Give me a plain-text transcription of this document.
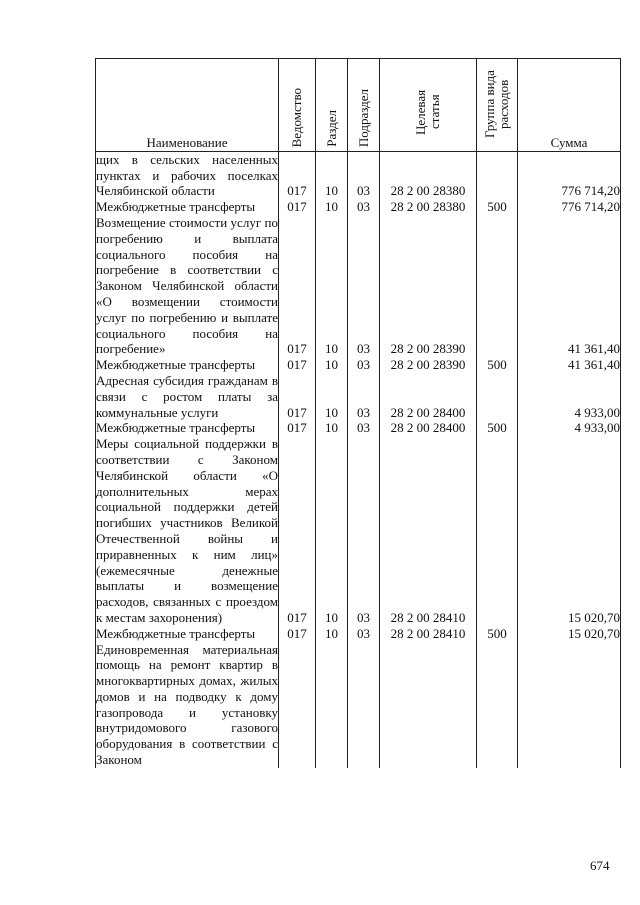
Наименование	Ведомство	Раздел	Подраздел	Целевая статья	Группа вида расходов	Сумма
щих в сельских населенных пунктах и рабочих поселках Челябинской области	017	10	03	28 2 00 28380		776 714,20
Межбюджетные трансферты	017	10	03	28 2 00 28380	500	776 714,20
Возмещение стоимости услуг по погребению и выплата социального пособия на погребение в соответствии с Законом Челябинской области «О возмещении стоимости услуг по погребению и выплате социального пособия на погребение»	017	10	03	28 2 00 28390		41 361,40
Межбюджетные трансферты	017	10	03	28 2 00 28390	500	41 361,40
Адресная субсидия гражданам в связи с ростом платы за коммунальные услуги	017	10	03	28 2 00 28400		4 933,00
Межбюджетные трансферты	017	10	03	28 2 00 28400	500	4 933,00
Меры социальной поддержки в соответствии с Законом Челябинской области «О дополнительных мерах социальной поддержки детей погибших участников Великой Отечественной войны и приравненных к ним лиц» (ежемесячные денежные выплаты и возмещение расходов, связанных с проездом к местам захоронения)	017	10	03	28 2 00 28410		15 020,70
Межбюджетные трансферты	017	10	03	28 2 00 28410	500	15 020,70
Единовременная материальная помощь на ремонт квартир в многоквартирных домах, жилых домов и на подводку к дому газопровода и установку внутридомового газового оборудования в соответствии с Законом						
674
